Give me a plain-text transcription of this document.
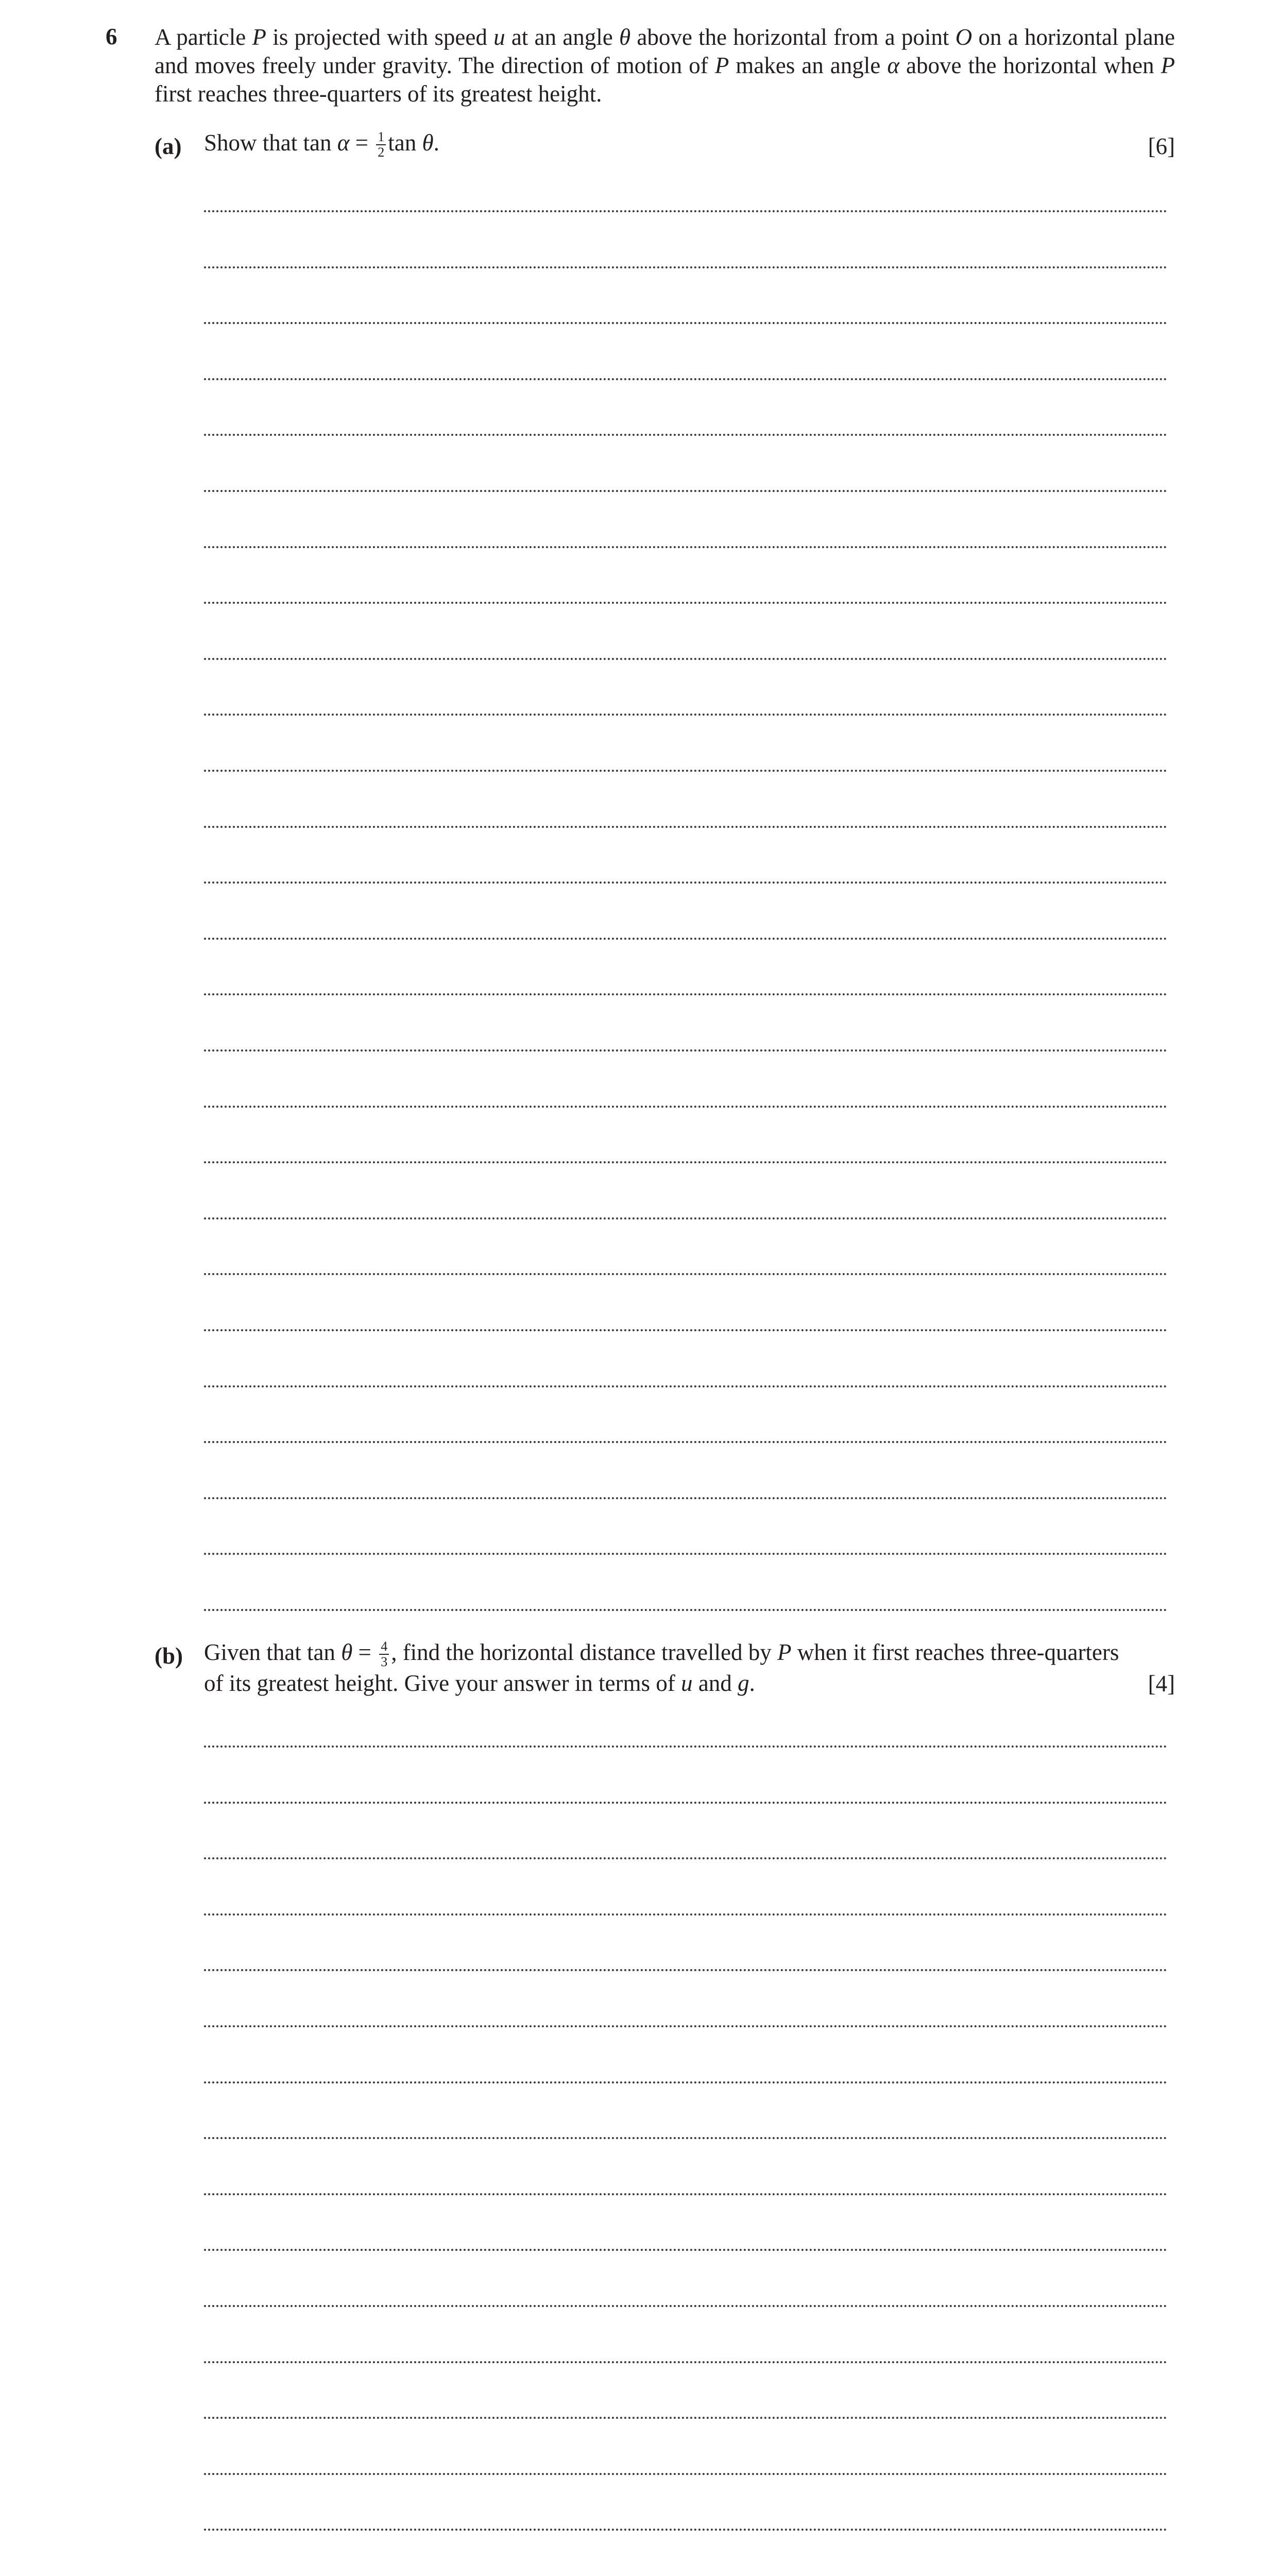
6 A particle P is projected with speed u at an angle θ above the horizontal from a point O on a horizontal plane and moves freely under gravity. The direction of motion of P makes an angle α above the horizontal when P first reaches three-quarters of its greatest height.
(a) Show that $\tan \alpha = \frac{1}{2}$ tan θ.	[6]
(b) Given that $\tan \theta = \frac{4}{3}$ , find the horizontal distance travelled by P when it first reaches three-quarters
of its greatest height. Give your answer in terms of u and g.	[4]
